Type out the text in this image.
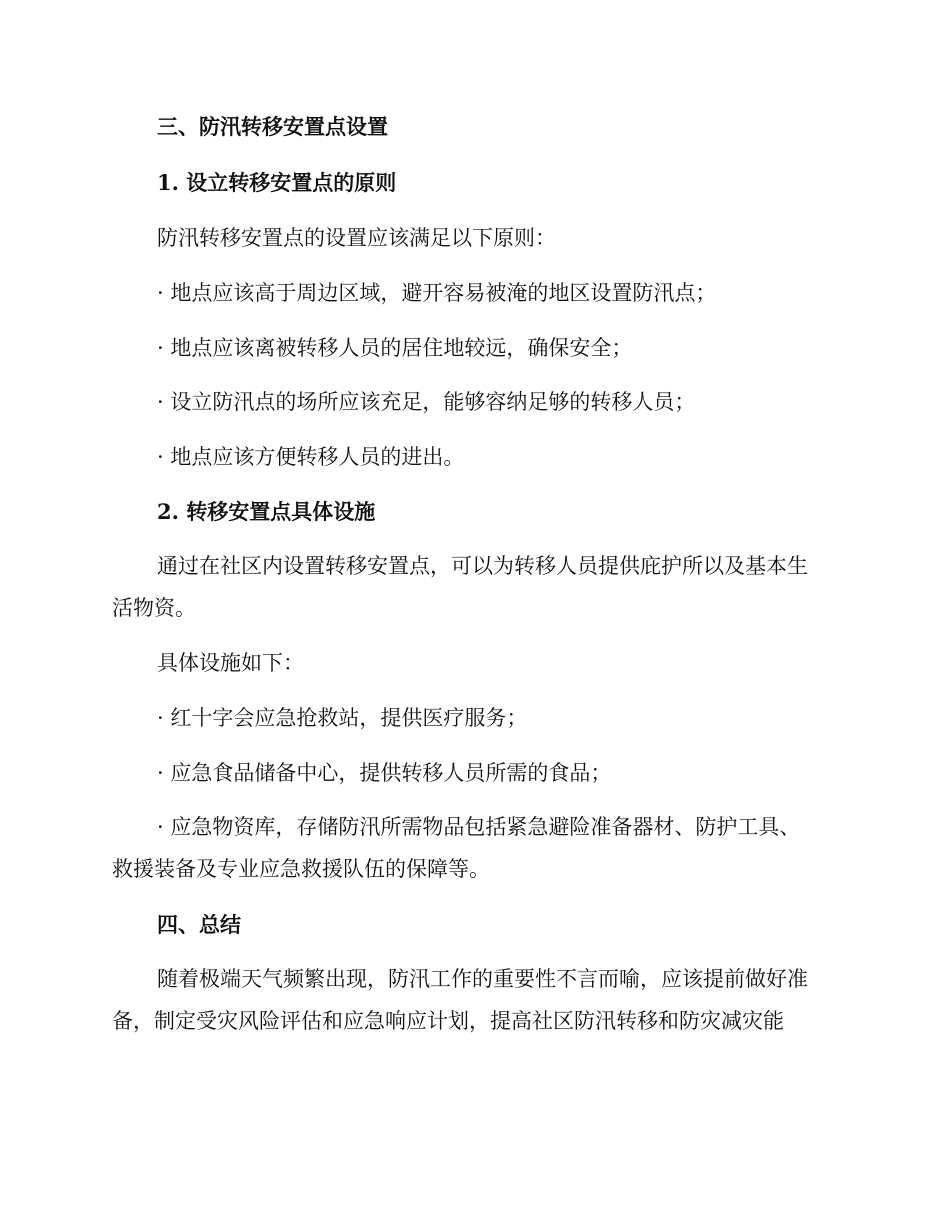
三、防汛转移安置点设置
1. 设立转移安置点的原则
防汛转移安置点的设置应该满足以下原则：
· 地点应该高于周边区域，避开容易被淹的地区设置防汛点；
· 地点应该离被转移人员的居住地较远，确保安全；
· 设立防汛点的场所应该充足，能够容纳足够的转移人员；
· 地点应该方便转移人员的进出。
2. 转移安置点具体设施
通过在社区内设置转移安置点，可以为转移人员提供庇护所以及基本生
活物资。
具体设施如下：
· 红十字会应急抢救站，提供医疗服务；
· 应急食品储备中心，提供转移人员所需的食品；
· 应急物资库，存储防汛所需物品包括紧急避险准备器材、防护工具、
救援装备及专业应急救援队伍的保障等。
四、总结
随着极端天气频繁出现，防汛工作的重要性不言而喻，应该提前做好准
备，制定受灾风险评估和应急响应计划，提高社区防汛转移和防灾减灾能
